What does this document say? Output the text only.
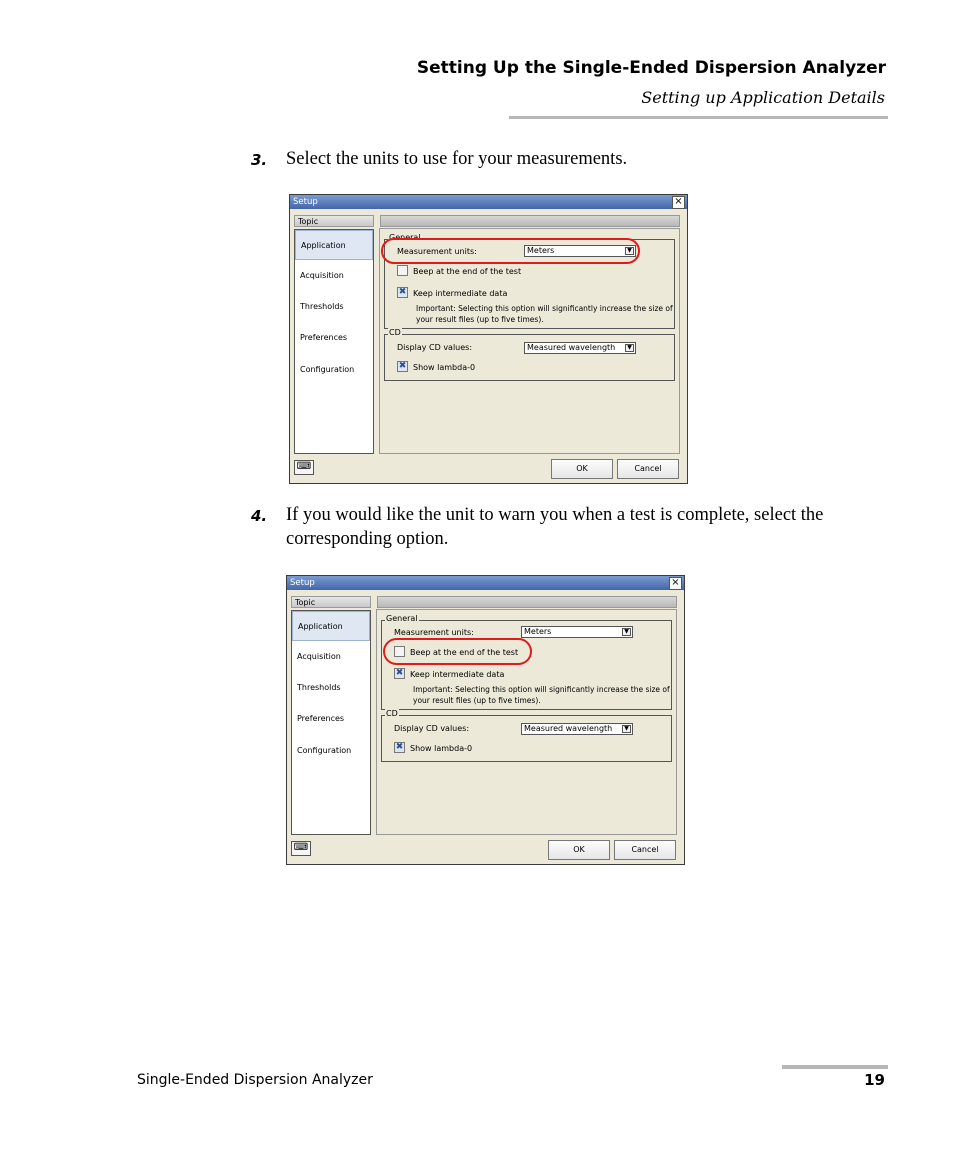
Setting Up the Single-Ended Dispersion Analyzer
Setting up Application Details
3. Select the units to use for your measurements.
Setup	×
Topic
Application
Acquisition
Thresholds
Preferences
Configuration
General
Measurement units:	Meters	▼
Beep at the end of the test
✖ Keep intermediate data
Important: Selecting this option will significantly increase the size of your result files (up to five times).
CD
Display CD values:	Measured wavelength	▼
✖ Show lambda-0
⌨	OK	Cancel
4. If you would like the unit to warn you when a test is complete, select the corresponding option.
Setup	×
Topic
Application
Acquisition
Thresholds
Preferences
Configuration
General
Measurement units:	Meters	▼
Beep at the end of the test
✖ Keep intermediate data
Important: Selecting this option will significantly increase the size of your result files (up to five times).
CD
Display CD values:	Measured wavelength	▼
✖ Show lambda-0
⌨	OK	Cancel
Single-Ended Dispersion Analyzer	19
